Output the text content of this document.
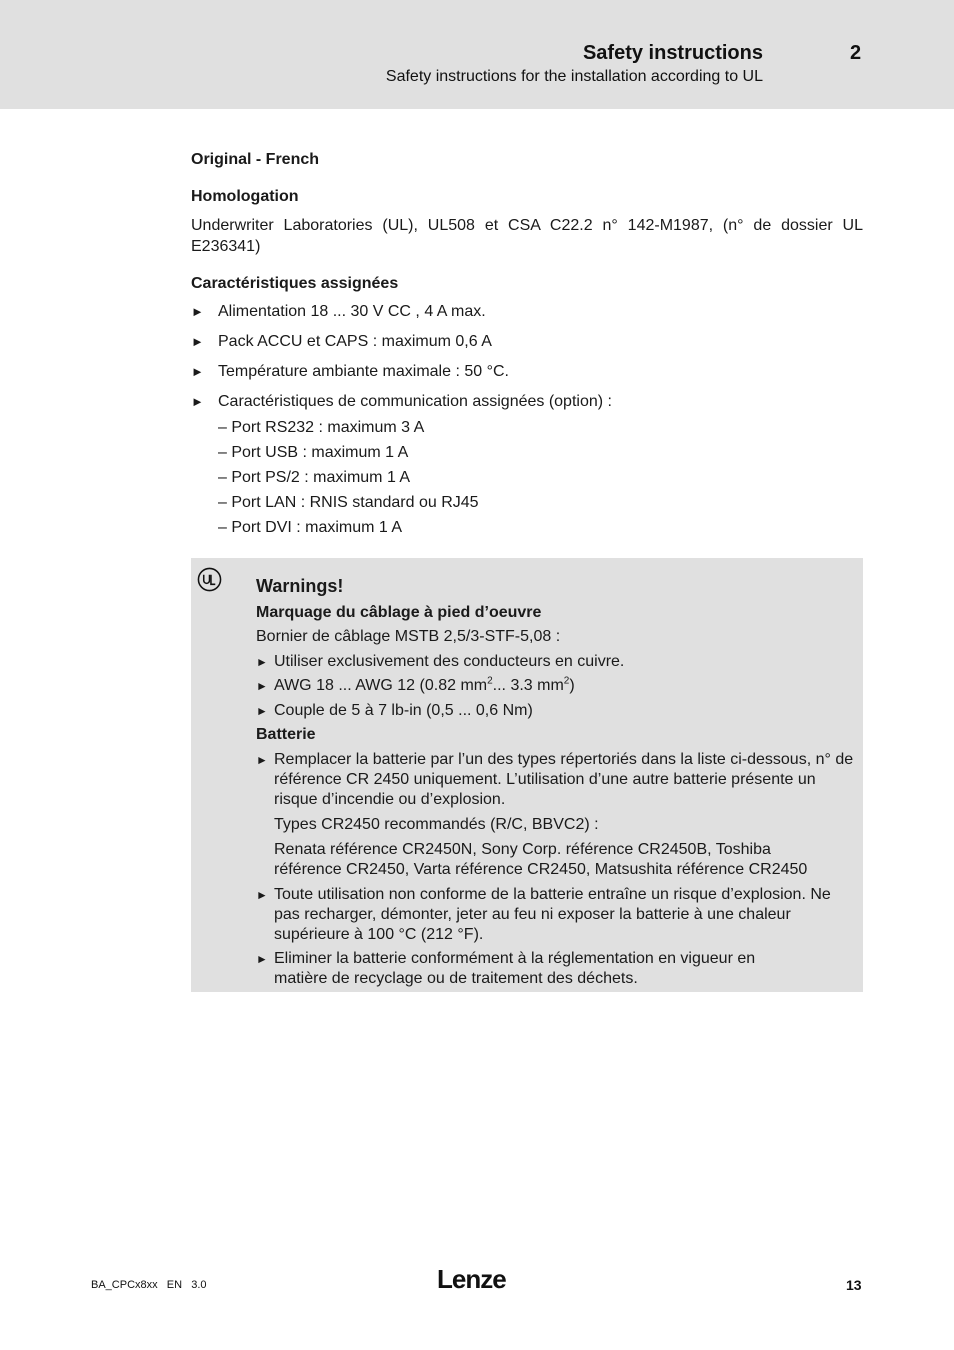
Safety instructions	2
Safety instructions for the installation according to UL

Original - French

Homologation

Underwriter Laboratories (UL), UL508 et CSA C22.2 n° 142-M1987, (n° de dossier UL E236341)

Caractéristiques assignées

► Alimentation 18 ... 30 V CC , 4 A max.
► Pack ACCU et CAPS : maximum 0,6 A
► Température ambiante maximale : 50 °C.
► Caractéristiques de communication assignées (option) :
– Port RS232 : maximum 3 A
– Port USB : maximum 1 A
– Port PS/2 : maximum 1 A
– Port LAN : RNIS standard ou RJ45
– Port DVI : maximum 1 A

Warnings!

Marquage du câblage à pied d’oeuvre

Bornier de câblage MSTB 2,5/3-STF-5,08 :

► Utiliser exclusivement des conducteurs en cuivre.
► AWG 18 ... AWG 12 (0.82 $mm^2$... 3.3 $mm^2$)
► Couple de 5 à 7 lb-in (0,5 ... 0,6 Nm)

Batterie

► Remplacer la batterie par l’un des types répertoriés dans la liste ci-dessous, n° de référence CR 2450 uniquement. L’utilisation d’une autre batterie présente un risque d’incendie ou d’explosion.

Types CR2450 recommandés (R/C, BBVC2) :

Renata référence CR2450N, Sony Corp. référence CR2450B, Toshiba référence CR2450, Varta référence CR2450, Matsushita référence CR2450

► Toute utilisation non conforme de la batterie entraîne un risque d’explosion. Ne pas recharger, démonter, jeter au feu ni exposer la batterie à une chaleur supérieure à 100 °C (212 °F).
► Eliminer la batterie conformément à la réglementation en vigueur en matière de recyclage ou de traitement des déchets.
BA_CPCx8xx   EN   3.0	Lenze	13
